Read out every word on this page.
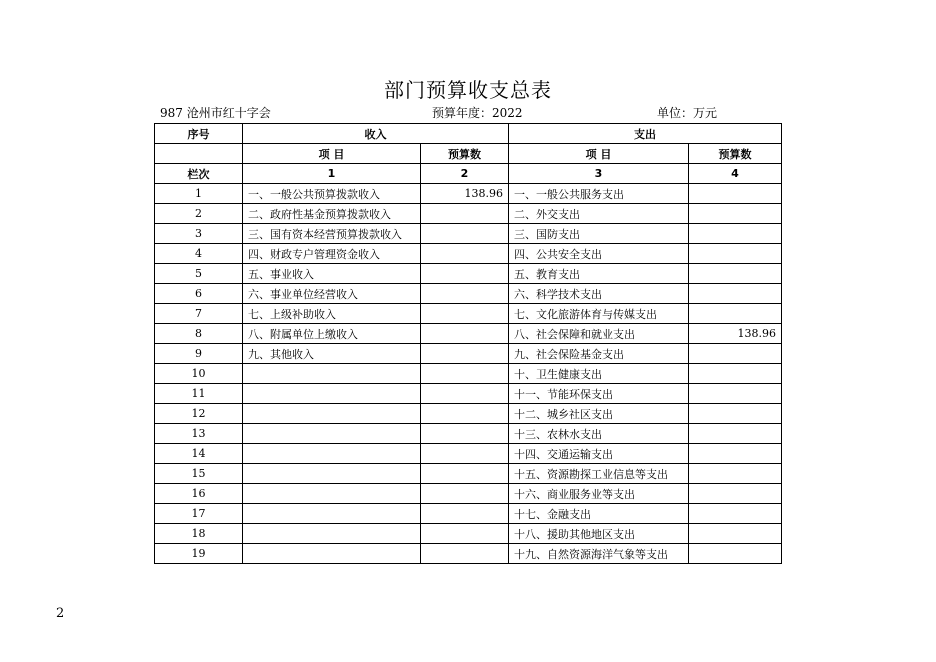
部门预算收支总表
987 沧州市红十字会	预算年度：2022	单位：万元
序号	收入		支出	
	项 目	预算数	项 目	预算数
栏次	1	2	3	4
1	一、一般公共预算拨款收入	138.96	一、一般公共服务支出	
2	二、政府性基金预算拨款收入		二、外交支出	
3	三、国有资本经营预算拨款收入		三、国防支出	
4	四、财政专户管理资金收入		四、公共安全支出	
5	五、事业收入		五、教育支出	
6	六、事业单位经营收入		六、科学技术支出	
7	七、上级补助收入		七、文化旅游体育与传媒支出	
8	八、附属单位上缴收入		八、社会保障和就业支出	138.96
9	九、其他收入		九、社会保险基金支出	
10			十、卫生健康支出	
11			十一、节能环保支出	
12			十二、城乡社区支出	
13			十三、农林水支出	
14			十四、交通运输支出	
15			十五、资源勘探工业信息等支出	
16			十六、商业服务业等支出	
17			十七、金融支出	
18			十八、援助其他地区支出	
19			十九、自然资源海洋气象等支出	
2
